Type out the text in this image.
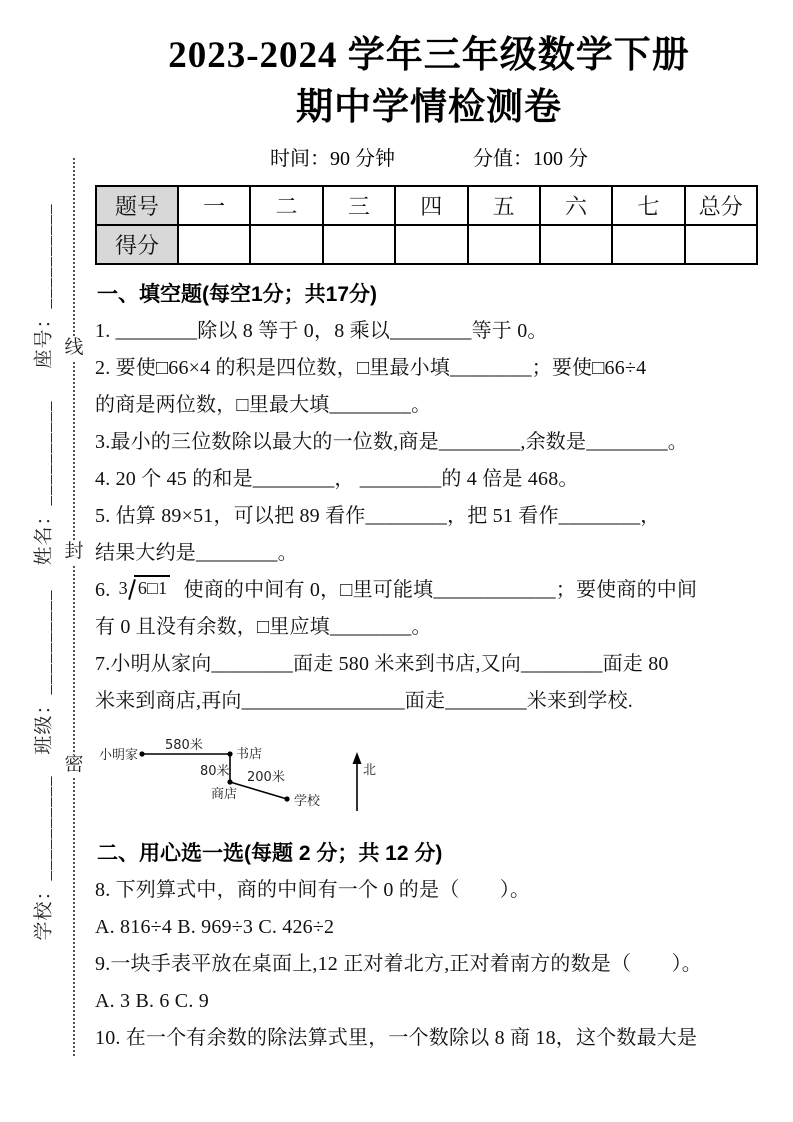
线
封
密
座号：__________
姓名：__________
班级：__________
学校：__________
2023-2024 学年三年级数学下册
期中学情检测卷
时间：90 分钟	分值：100 分
题号	一	二	三	四	五	六	七	总分
得分								
一、填空题(每空1分；共17分)

1. ________除以 8 等于 0，8 乘以________等于 0。

2. 要使□66×4 的积是四位数，□里最小填________；要使□66÷4

的商是两位数，□里最大填________。

3.最小的三位数除以最大的一位数,商是________,余数是________。

4. 20 个 45 的和是________， ________的 4 倍是 468。

5. 估算 89×51，可以把 89 看作________，把 51 看作________，

结果大约是________。

6. 3 6□1 使商的中间有 0，□里可能填____________；要使商的中间

有 0 且没有余数，□里应填________。

7.小明从家向________面走 580 米来到书店,又向________面走 80

米来到商店,再向________________面走________米来到学校.

小明家
580米
书店
80米 200米
商店	学校
北
二、用心选一选(每题 2 分；共 12 分)

8. 下列算式中，商的中间有一个 0 的是（　　）。

A. 816÷4 B. 969÷3 C. 426÷2

9.一块手表平放在桌面上,12 正对着北方,正对着南方的数是（　　）。

A. 3 B. 6 C. 9

10. 在一个有余数的除法算式里，一个数除以 8 商 18，这个数最大是
